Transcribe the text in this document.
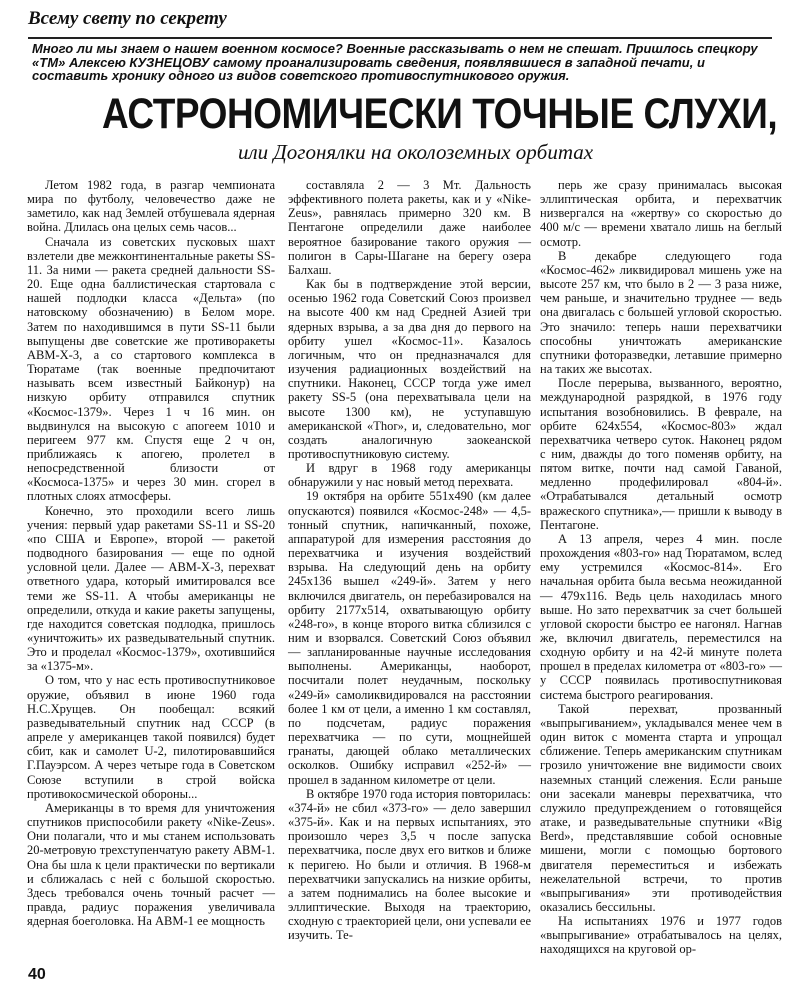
Всему свету по секрету
Много ли мы знаем о нашем военном космосе? Военные рассказывать о нем не спешат. Пришлось спецкору «ТМ» Алексею КУЗНЕЦОВУ самому проанализировать сведения, появлявшиеся в западной печати, и составить хронику одного из видов советского противоспутникового оружия.
АСТРОНОМИЧЕСКИ ТОЧНЫЕ СЛУХИ,
или Догонялки на околоземных орбитах

Летом 1982 года, в разгар чемпионата мира по футболу, человечество даже не заметило, как над Землей отбушевала ядерная война. Длилась она целых семь часов...

Сначала из советских пусковых шахт взлетели две межконтинентальные ракеты SS-11. За ними — ракета средней дальности SS-20. Еще одна баллистическая стартовала с нашей подлодки класса «Дельта» (по натовскому обозначению) в Белом море. Затем по находившимся в пути SS-11 были выпущены две советские же противоракеты АВМ-Х-3, а со стартового комплекса в Тюратаме (так военные предпочитают называть всем известный Байконур) на низкую орбиту отправился спутник «Космос-1379». Через 1 ч 16 мин. он выдвинулся на высокую с апогеем 1010 и перигеем 977 км. Спустя еще 2 ч он, приближаясь к апогею, пролетел в непосредственной близости от «Космоса-1375» и через 30 мин. сгорел в плотных слоях атмосферы.

Конечно, это проходили всего лишь учения: первый удар ракетами SS-11 и SS-20 «по США и Европе», второй — ракетой подводного базирования — еще по одной условной цели. Далее — АВМ-Х-3, перехват ответного удара, который имитировался все теми же SS-11. А чтобы американцы не определили, откуда и какие ракеты запущены, где находится советская подлодка, пришлось «уничтожить» их разведывательный спутник. Это и проделал «Космос-1379», охотившийся за «1375-м».

О том, что у нас есть противоспутниковое оружие, объявил в июне 1960 года Н.С.Хрущев. Он пообещал: всякий разведывательный спутник над СССР (в апреле у американцев такой появился) будет сбит, как и самолет U-2, пилотировавшийся Г.Пауэрсом. А через четыре года в Советском Союзе вступили в строй войска противокосмической обороны...

Американцы в то время для уничтожения спутников приспособили ракету «Nike-Zeus». Они полагали, что и мы станем использовать 20-метровую трехступенчатую ракету АВМ-1. Она бы шла к цели практически по вертикали и сближалась с ней с большой скоростью. Здесь требовался очень точный расчет — правда, радиус поражения увеличивала ядерная боеголовка. На АВМ-1 ее мощность

составляла 2 — 3 Мт. Дальность эффективного полета ракеты, как и у «Nike-Zeus», равнялась примерно 320 км. В Пентагоне определили даже наиболее вероятное базирование такого оружия — полигон в Сары-Шагане на берегу озера Балхаш.

Как бы в подтверждение этой версии, осенью 1962 года Советский Союз произвел на высоте 400 км над Средней Азией три ядерных взрыва, а за два дня до первого на орбиту ушел «Космос-11». Казалось логичным, что он предназначался для изучения радиационных воздействий на спутники. Наконец, СССР тогда уже имел ракету SS-5 (она перехватывала цели на высоте 1300 км), не уступавшую американской «Thor», и, следовательно, мог создать аналогичную заокеанской противоспутниковую систему.

И вдруг в 1968 году американцы обнаружили у нас новый метод перехвата.

19 октября на орбите 551x490 (км далее опускаются) появился «Космос-248» — 4,5-тонный спутник, напичканный, похоже, аппаратурой для измерения расстояния до перехватчика и изучения воздействий взрыва. На следующий день на орбиту 245x136 вышел «249-й». Затем у него включился двигатель, он перебазировался на орбиту 2177x514, охватывающую орбиту «248-го», в конце второго витка сблизился с ним и взорвался. Советский Союз объявил — запланированные научные исследования выполнены. Американцы, наоборот, посчитали полет неудачным, поскольку «249-й» самоликвидировался на расстоянии более 1 км от цели, а именно 1 км составлял, по подсчетам, радиус поражения перехватчика — по сути, мощнейшей гранаты, дающей облако металлических осколков. Ошибку исправил «252-й» — прошел в заданном километре от цели.

В октябре 1970 года история повторилась: «374-й» не сбил «373-го» — дело завершил «375-й». Как и на первых испытаниях, это произошло через 3,5 ч после запуска перехватчика, после двух его витков и ближе к перигею. Но были и отличия. В 1968-м перехватчики запускались на низкие орбиты, а затем поднимались на более высокие и эллиптические. Выходя на траекторию, сходную с траекторией цели, они успевали ее изучить. Те-

перь же сразу принималась высокая эллиптическая орбита, и перехватчик низвергался на «жертву» со скоростью до 400 м/с — времени хватало лишь на беглый осмотр.

В декабре следующего года «Космос-462» ликвидировал мишень уже на высоте 257 км, что было в 2 — 3 раза ниже, чем раньше, и значительно труднее — ведь она двигалась с большей угловой скоростью. Это значило: теперь наши перехватчики способны уничтожать американские спутники фоторазведки, летавшие примерно на таких же высотах.

После перерыва, вызванного, вероятно, международной разрядкой, в 1976 году испытания возобновились. В феврале, на орбите 624x554, «Космос-803» ждал перехватчика четверо суток. Наконец рядом с ним, дважды до того поменяв орбиту, на пятом витке, почти над самой Гаваной, медленно продефилировал «804-й». «Отрабатывался детальный осмотр вражеского спутника»,— пришли к выводу в Пентагоне.

А 13 апреля, через 4 мин. после прохождения «803-го» над Тюратамом, вслед ему устремился «Космос-814». Его начальная орбита была весьма неожиданной — 479x116. Ведь цель находилась много выше. Но зато перехватчик за счет большей угловой скорости быстро ее нагонял. Нагнав же, включил двигатель, переместился на сходную орбиту и на 42-й минуте полета прошел в пределах километра от «803-го» — у СССР появилась противоспутниковая система быстрого реагирования.

Такой перехват, прозванный «выпрыгиванием», укладывался менее чем в один виток с момента старта и упрощал сближение. Теперь американским спутникам грозило уничтожение вне видимости своих наземных станций слежения. Если раньше они засекали маневры перехватчика, что служило предупреждением о готовящейся атаке, и разведывательные спутники «Big Berd», представлявшие собой основные мишени, могли с помощью бортового двигателя переместиться и избежать нежелательной встречи, то против «выпрыгивания» эти противодействия оказались бессильны.

На испытаниях 1976 и 1977 годов «выпрыгивание» отрабатывалось на целях, находящихся на круговой ор-

40
